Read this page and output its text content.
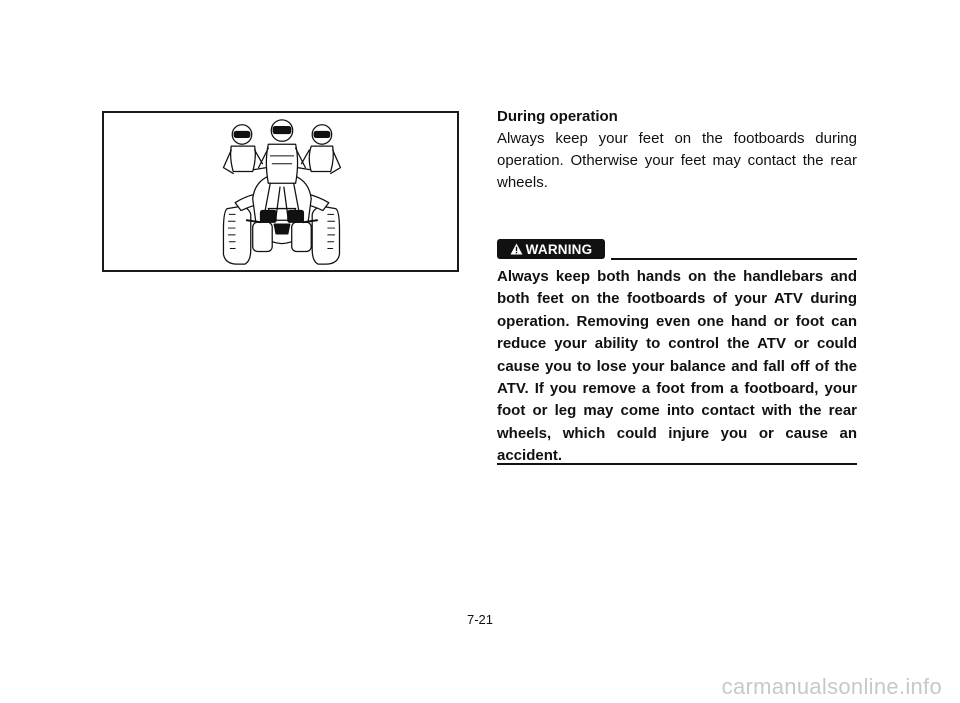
During operation

Always keep your feet on the footboards during operation. Otherwise your feet may contact the rear wheels.

WARNING

Always keep both hands on the handlebars and both feet on the footboards of your ATV during operation. Removing even one hand or foot can reduce your ability to control the ATV or could cause you to lose your balance and fall off of the ATV. If you remove a foot from a footboard, your foot or leg may come into contact with the rear wheels, which could injure you or cause an accident.

7-21
carmanualsonline.info
